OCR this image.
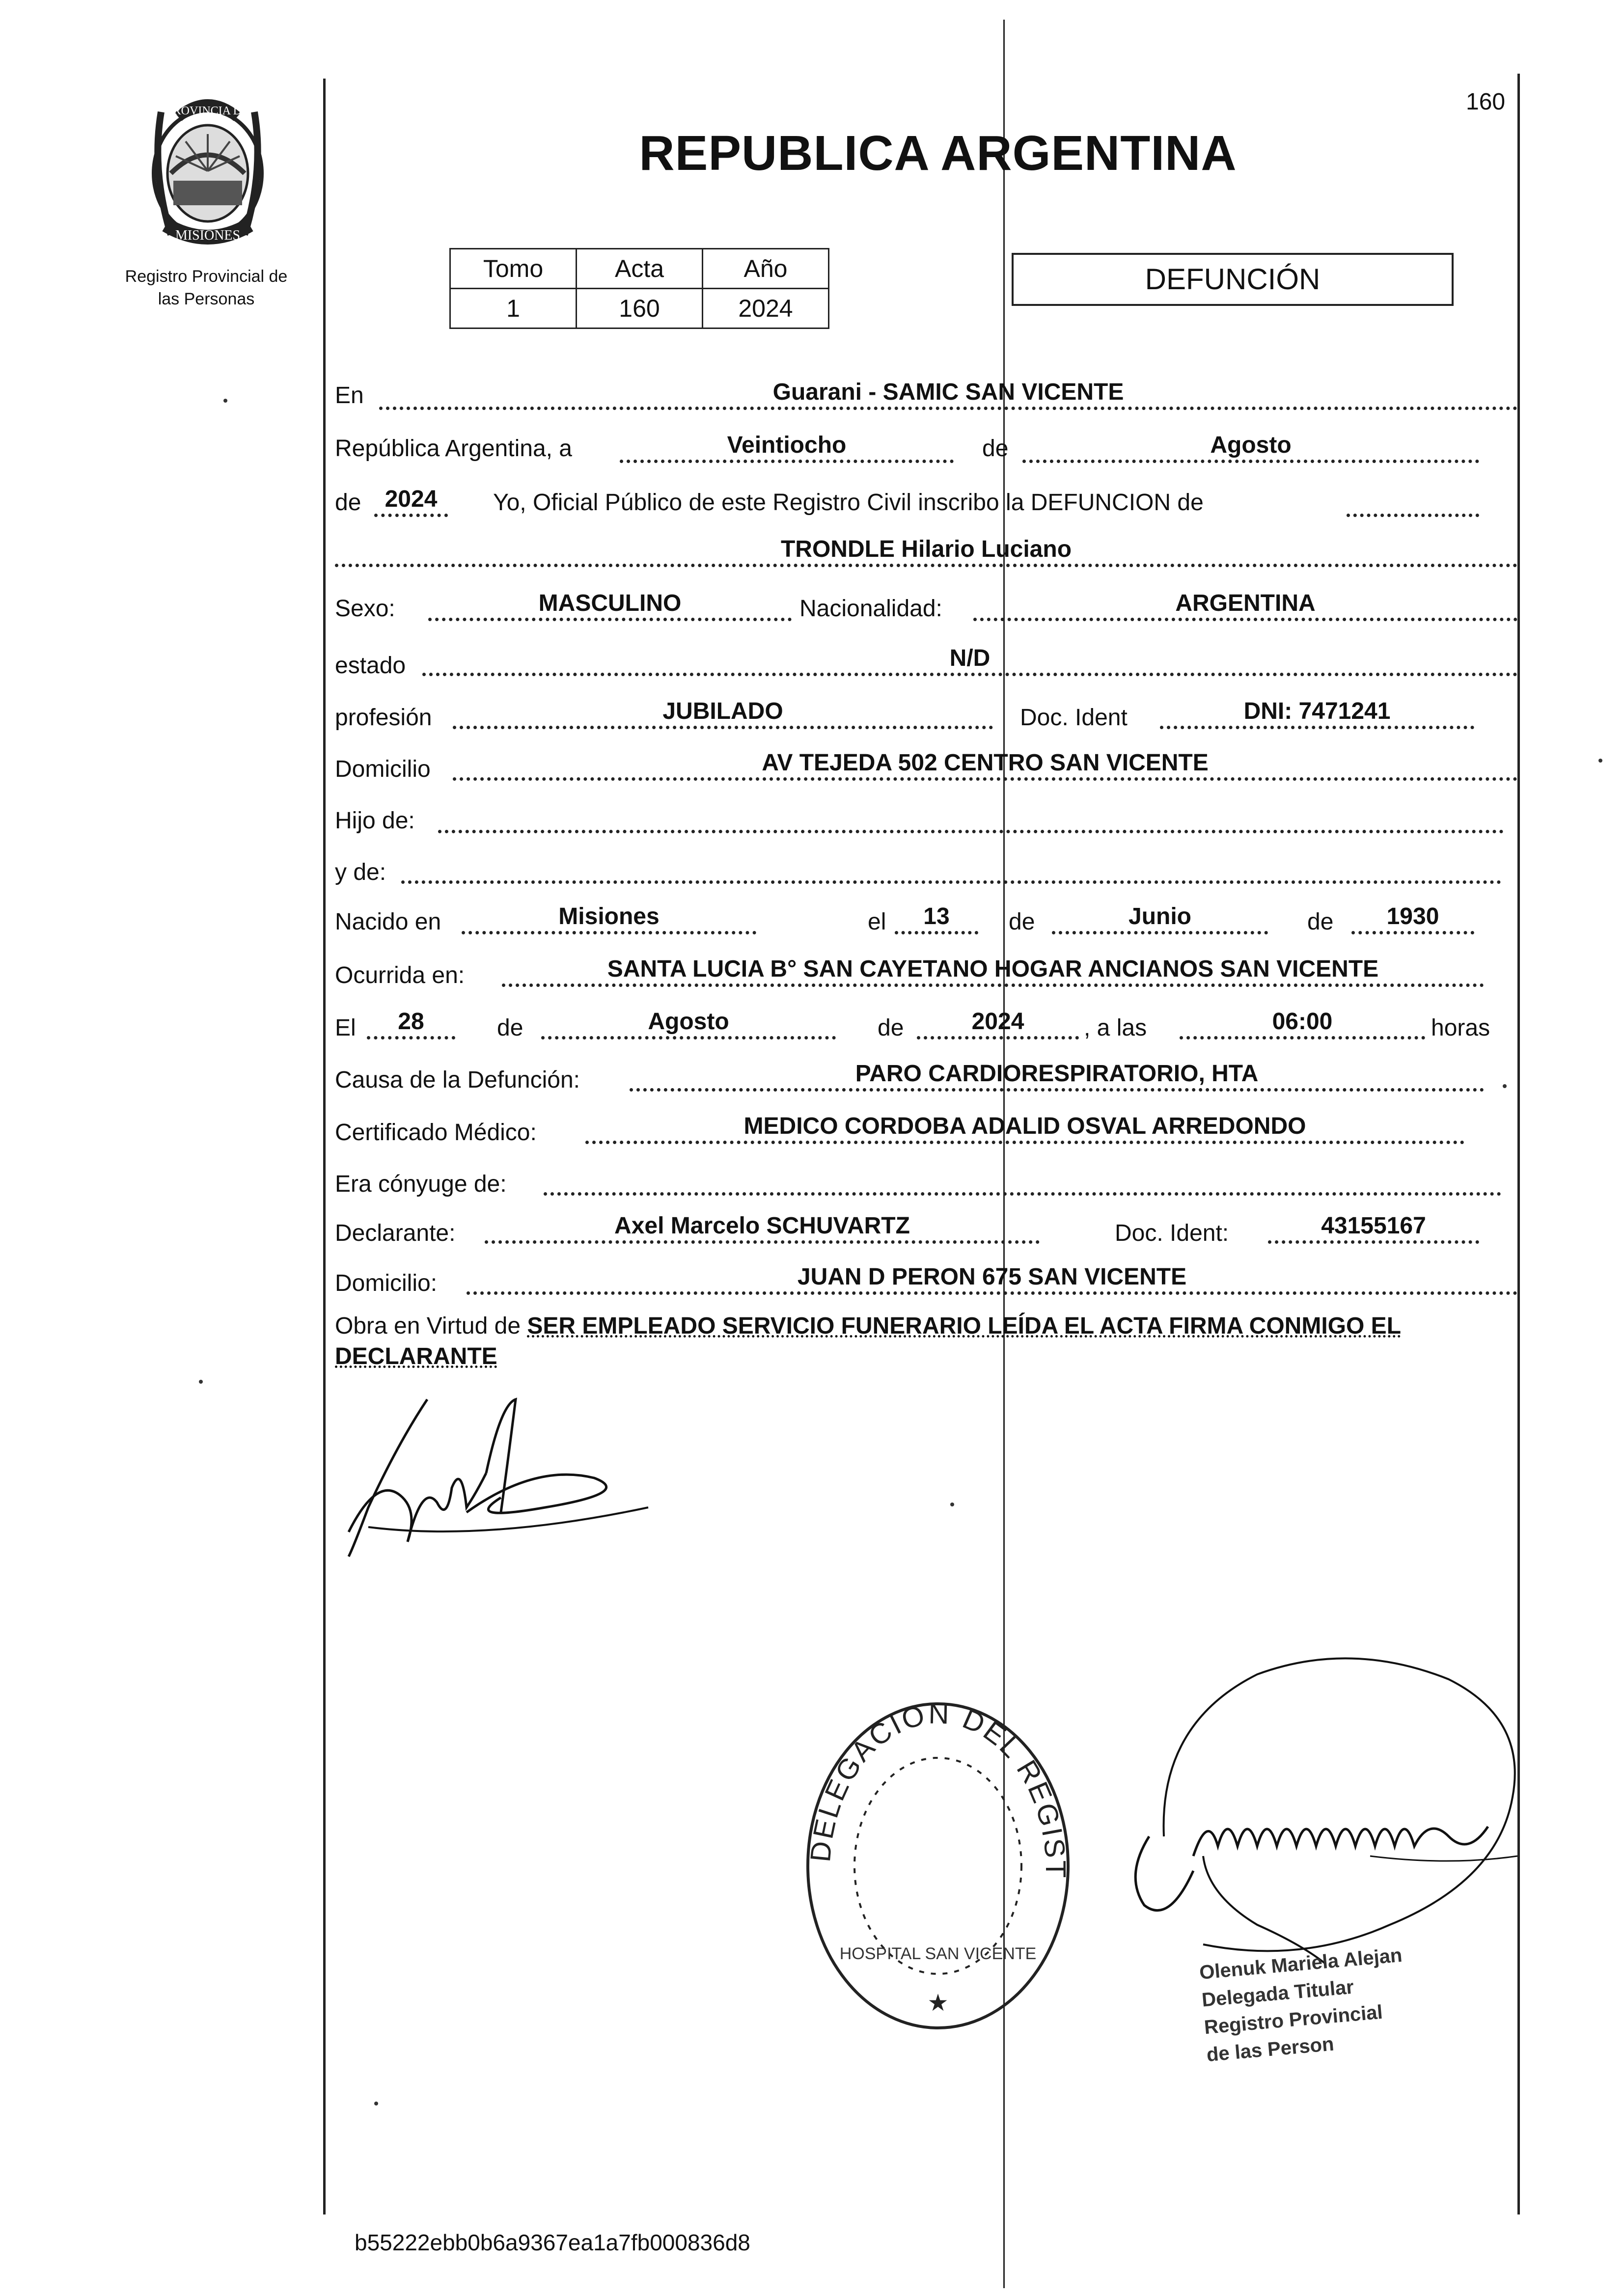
160
PROVINCIA DE
MISIONES
Registro Provincial de
las Personas
REPUBLICA ARGENTINA
Tomo	Acta	Año
1	160	2024
DEFUNCIÓN
En	Guarani - SAMIC SAN VICENTE
República Argentina, a	Veintiocho	de	Agosto
de	2024	Yo, Oficial Público de este Registro Civil inscribo la DEFUNCION de
TRONDLE Hilario Luciano
Sexo:	MASCULINO	Nacionalidad:	ARGENTINA
estado	N/D
profesión	JUBILADO	Doc. Ident	DNI: 7471241
Domicilio	AV TEJEDA 502 CENTRO SAN VICENTE
Hijo de:
y de:
Nacido en	Misiones	el	13	de	Junio	de	1930
Ocurrida en:	SANTA LUCIA B° SAN CAYETANO HOGAR ANCIANOS SAN VICENTE
El	28	de	Agosto	de	2024	, a las	06:00	horas
Causa de la Defunción:	PARO CARDIORESPIRATORIO, HTA
Certificado Médico:	MEDICO CORDOBA ADALID OSVAL ARREDONDO
Era cónyuge de:
Declarante:	Axel Marcelo SCHUVARTZ	Doc. Ident:	43155167
Domicilio:	JUAN D PERON 675 SAN VICENTE
Obra en Virtud de SER EMPLEADO SERVICIO FUNERARIO LEÍDA EL ACTA FIRMA CONMIGO EL DECLARANTE
DELEGACION DEL REGIST
HOSPITAL SAN VICENTE
★
Olenuk Mariela Alejan
Delegada Titular
Registro Provincial
de las Person
b55222ebb0b6a9367ea1a7fb000836d8
